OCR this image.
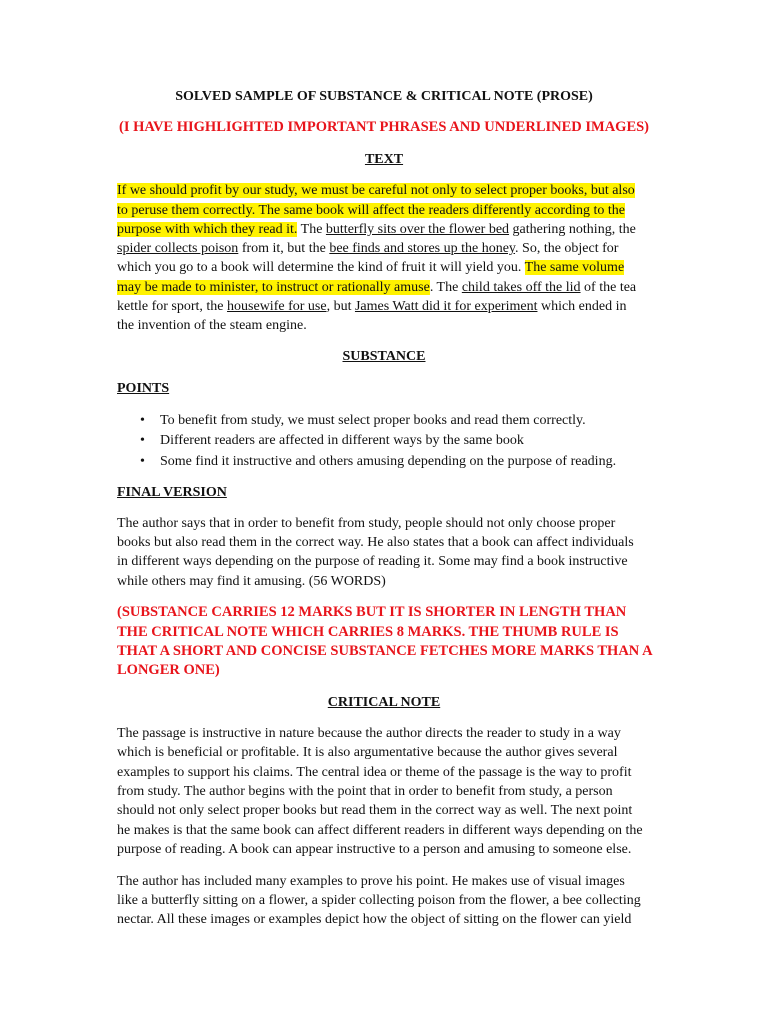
SOLVED SAMPLE OF SUBSTANCE & CRITICAL NOTE (PROSE)
(I HAVE HIGHLIGHTED IMPORTANT PHRASES AND UNDERLINED IMAGES)
TEXT
If we should profit by our study, we must be careful not only to select proper books, but also
to peruse them correctly. The same book will affect the readers differently according to the
purpose with which they read it. The butterfly sits over the flower bed gathering nothing, the
spider collects poison from it, but the bee finds and stores up the honey. So, the object for
which you go to a book will determine the kind of fruit it will yield you. The same volume
may be made to minister, to instruct or rationally amuse. The child takes off the lid of the tea
kettle for sport, the housewife for use, but James Watt did it for experiment which ended in
the invention of the steam engine.
SUBSTANCE
POINTS
• To benefit from study, we must select proper books and read them correctly.
• Different readers are affected in different ways by the same book
• Some find it instructive and others amusing depending on the purpose of reading.
FINAL VERSION
The author says that in order to benefit from study, people should not only choose proper
books but also read them in the correct way. He also states that a book can affect individuals
in different ways depending on the purpose of reading it. Some may find a book instructive
while others may find it amusing. (56 WORDS)
(SUBSTANCE CARRIES 12 MARKS BUT IT IS SHORTER IN LENGTH THAN
THE CRITICAL NOTE WHICH CARRIES 8 MARKS. THE THUMB RULE IS
THAT A SHORT AND CONCISE SUBSTANCE FETCHES MORE MARKS THAN A
LONGER ONE)
CRITICAL NOTE
The passage is instructive in nature because the author directs the reader to study in a way
which is beneficial or profitable. It is also argumentative because the author gives several
examples to support his claims. The central idea or theme of the passage is the way to profit
from study. The author begins with the point that in order to benefit from study, a person
should not only select proper books but read them in the correct way as well. The next point
he makes is that the same book can affect different readers in different ways depending on the
purpose of reading. A book can appear instructive to a person and amusing to someone else.
The author has included many examples to prove his point. He makes use of visual images
like a butterfly sitting on a flower, a spider collecting poison from the flower, a bee collecting
nectar. All these images or examples depict how the object of sitting on the flower can yield
